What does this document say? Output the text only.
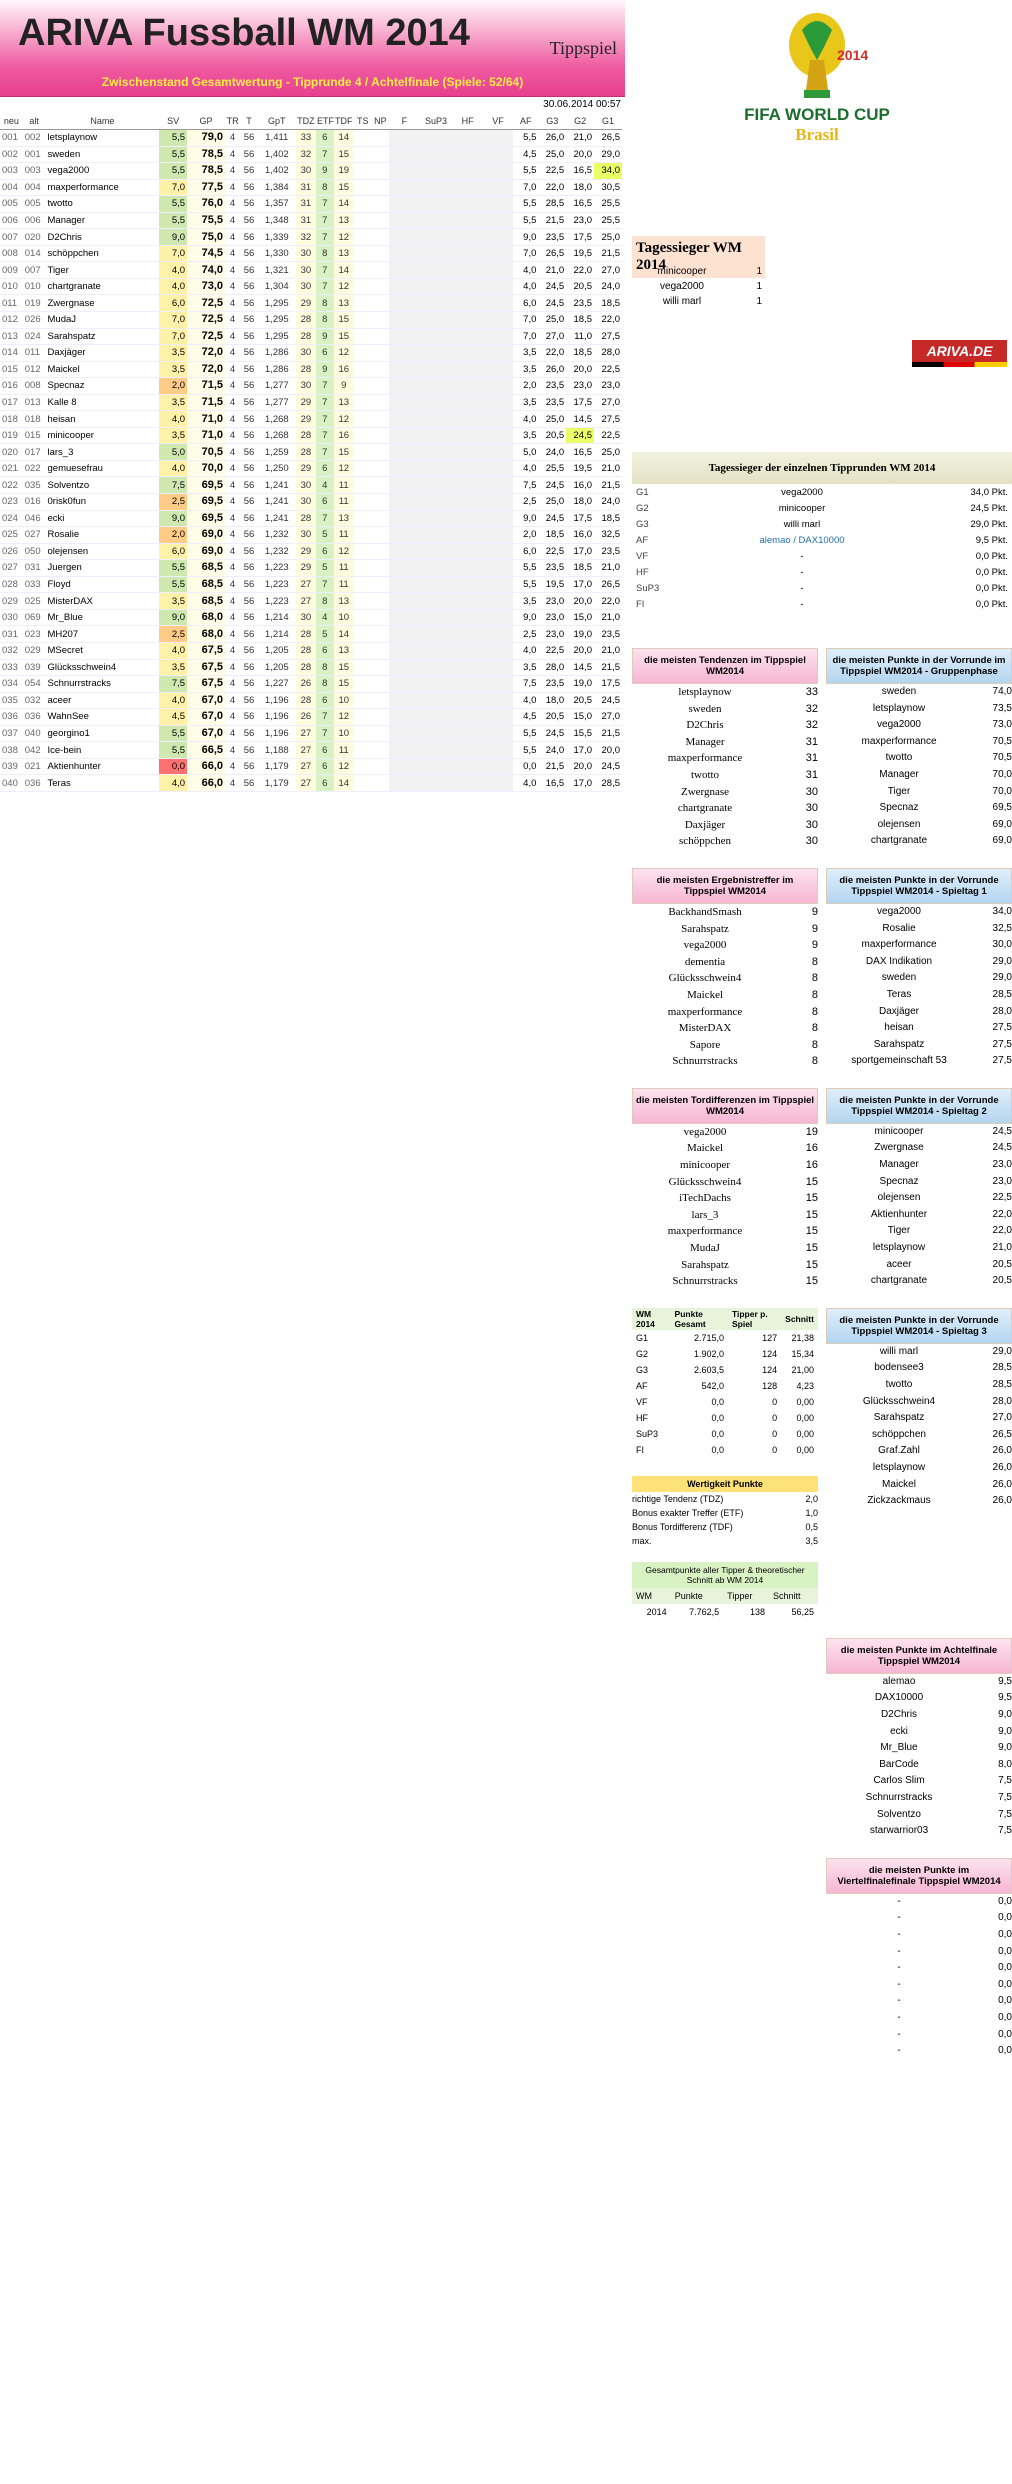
ARIVA Fussball WM 2014	Tippspiel
Zwischenstand Gesamtwertung - Tipprunde 4 / Achtelfinale (Spiele: 52/64)
30.06.2014 00:57
neu	alt	Name	SV	GP	TR	T	GpT	TDZ	ETF	TDF	TS	NP	F	SuP3	HF	VF	AF	G3	G2	G1
001	002	letsplaynow	5,5	79,0	4	56	1,411	33	6	14							5,5	26,0	21,0	26,5
002	001	sweden	5,5	78,5	4	56	1,402	32	7	15							4,5	25,0	20,0	29,0
003	003	vega2000	5,5	78,5	4	56	1,402	30	9	19							5,5	22,5	16,5	34,0
004	004	maxperformance	7,0	77,5	4	56	1,384	31	8	15							7,0	22,0	18,0	30,5
005	005	twotto	5,5	76,0	4	56	1,357	31	7	14							5,5	28,5	16,5	25,5
006	006	Manager	5,5	75,5	4	56	1,348	31	7	13							5,5	21,5	23,0	25,5
007	020	D2Chris	9,0	75,0	4	56	1,339	32	7	12							9,0	23,5	17,5	25,0
008	014	schöppchen	7,0	74,5	4	56	1,330	30	8	13							7,0	26,5	19,5	21,5
009	007	Tiger	4,0	74,0	4	56	1,321	30	7	14							4,0	21,0	22,0	27,0
010	010	chartgranate	4,0	73,0	4	56	1,304	30	7	12							4,0	24,5	20,5	24,0
011	019	Zwergnase	6,0	72,5	4	56	1,295	29	8	13							6,0	24,5	23,5	18,5
012	026	MudaJ	7,0	72,5	4	56	1,295	28	8	15							7,0	25,0	18,5	22,0
013	024	Sarahspatz	7,0	72,5	4	56	1,295	28	9	15							7,0	27,0	11,0	27,5
014	011	Daxjäger	3,5	72,0	4	56	1,286	30	6	12							3,5	22,0	18,5	28,0
015	012	Maickel	3,5	72,0	4	56	1,286	28	9	16							3,5	26,0	20,0	22,5
016	008	Specnaz	2,0	71,5	4	56	1,277	30	7	9							2,0	23,5	23,0	23,0
017	013	Kalle 8	3,5	71,5	4	56	1,277	29	7	13							3,5	23,5	17,5	27,0
018	018	heisan	4,0	71,0	4	56	1,268	29	7	12							4,0	25,0	14,5	27,5
019	015	minicooper	3,5	71,0	4	56	1,268	28	7	16							3,5	20,5	24,5	22,5
020	017	lars_3	5,0	70,5	4	56	1,259	28	7	15							5,0	24,0	16,5	25,0
021	022	gemuesefrau	4,0	70,0	4	56	1,250	29	6	12							4,0	25,5	19,5	21,0
022	035	Solventzo	7,5	69,5	4	56	1,241	30	4	11							7,5	24,5	16,0	21,5
023	016	0risk0fun	2,5	69,5	4	56	1,241	30	6	11							2,5	25,0	18,0	24,0
024	046	ecki	9,0	69,5	4	56	1,241	28	7	13							9,0	24,5	17,5	18,5
025	027	Rosalie	2,0	69,0	4	56	1,232	30	5	11							2,0	18,5	16,0	32,5
026	050	olejensen	6,0	69,0	4	56	1,232	29	6	12							6,0	22,5	17,0	23,5
027	031	Juergen	5,5	68,5	4	56	1,223	29	5	11							5,5	23,5	18,5	21,0
028	033	Floyd	5,5	68,5	4	56	1,223	27	7	11							5,5	19,5	17,0	26,5
029	025	MisterDAX	3,5	68,5	4	56	1,223	27	8	13							3,5	23,0	20,0	22,0
030	069	Mr_Blue	9,0	68,0	4	56	1,214	30	4	10							9,0	23,0	15,0	21,0
031	023	MH207	2,5	68,0	4	56	1,214	28	5	14							2,5	23,0	19,0	23,5
032	029	MSecret	4,0	67,5	4	56	1,205	28	6	13							4,0	22,5	20,0	21,0
033	039	Glücksschwein4	3,5	67,5	4	56	1,205	28	8	15							3,5	28,0	14,5	21,5
034	054	Schnurrstracks	7,5	67,5	4	56	1,227	26	8	15							7,5	23,5	19,0	17,5
035	032	aceer	4,0	67,0	4	56	1,196	28	6	10							4,0	18,0	20,5	24,5
036	036	WahnSee	4,5	67,0	4	56	1,196	26	7	12							4,5	20,5	15,0	27,0
037	040	georgino1	5,5	67,0	4	56	1,196	27	7	10							5,5	24,5	15,5	21,5
038	042	Ice-bein	5,5	66,5	4	56	1,188	27	6	11							5,5	24,0	17,0	20,0
039	021	Aktienhunter	0,0	66,0	4	56	1,179	27	6	12							0,0	21,5	20,0	24,5
040	036	Teras	4,0	66,0	4	56	1,179	27	6	14							4,0	16,5	17,0	28,5
2014
FIFA WORLD CUP
Brasil
Tagessieger WM 2014
minicooper	1
vega2000	1
willi marl	1
ARIVA.DE
Tagessieger der einzelnen Tipprunden WM 2014
G1	vega2000	34,0 Pkt.
G2	minicooper	24,5 Pkt.
G3	willi marl	29,0 Pkt.
AF	alemao / DAX10000	9,5 Pkt.
VF	-	0,0 Pkt.
HF	-	0,0 Pkt.
SuP3	-	0,0 Pkt.
FI	-	0,0 Pkt.
die meisten Tendenzen im Tippspiel WM2014
letsplaynow	33
sweden	32
D2Chris	32
Manager	31
maxperformance	31
twotto	31
Zwergnase	30
chartgranate	30
Daxjäger	30
schöppchen	30
die meisten Punkte in der Vorrunde im Tippspiel WM2014 - Gruppenphase
sweden	74,0
letsplaynow	73,5
vega2000	73,0
maxperformance	70,5
twotto	70,5
Manager	70,0
Tiger	70,0
Specnaz	69,5
olejensen	69,0
chartgranate	69,0
die meisten Ergebnistreffer im Tippspiel WM2014
BackhandSmash	9
Sarahspatz	9
vega2000	9
dementia	8
Glücksschwein4	8
Maickel	8
maxperformance	8
MisterDAX	8
Sapore	8
Schnurrstracks	8
die meisten Punkte in der Vorrunde Tippspiel WM2014 - Spieltag 1
vega2000	34,0
Rosalie	32,5
maxperformance	30,0
DAX Indikation	29,0
sweden	29,0
Teras	28,5
Daxjäger	28,0
heisan	27,5
Sarahspatz	27,5
sportgemeinschaft 53	27,5
die meisten Tordifferenzen im Tippspiel WM2014
vega2000	19
Maickel	16
minicooper	16
Glücksschwein4	15
iTechDachs	15
lars_3	15
maxperformance	15
MudaJ	15
Sarahspatz	15
Schnurrstracks	15
die meisten Punkte in der Vorrunde Tippspiel WM2014 - Spieltag 2
minicooper	24,5
Zwergnase	24,5
Manager	23,0
Specnaz	23,0
olejensen	22,5
Aktienhunter	22,0
Tiger	22,0
letsplaynow	21,0
aceer	20,5
chartgranate	20,5
WM 2014	Punkte Gesamt	Tipper p. Spiel	Schnitt
G1	2.715,0	127	21,38
G2	1.902,0	124	15,34
G3	2.603,5	124	21,00
AF	542,0	128	4,23
VF	0,0	0	0,00
HF	0,0	0	0,00
SuP3	0,0	0	0,00
FI	0,0	0	0,00
Wertigkeit Punkte
richtige Tendenz (TDZ)	2,0
Bonus exakter Treffer (ETF)	1,0
Bonus Tordifferenz (TDF)	0,5
max.	3,5
Gesamtpunkte aller Tipper & theoretischer Schnitt ab WM 2014
WM	Punkte	Tipper	Schnitt
2014	7.762,5	138	56,25
die meisten Punkte in der Vorrunde Tippspiel WM2014 - Spieltag 3
willi marl	29,0
bodensee3	28,5
twotto	28,5
Glücksschwein4	28,0
Sarahspatz	27,0
schöppchen	26,5
Graf.Zahl	26,0
letsplaynow	26,0
Maickel	26,0
Zickzackmaus	26,0
die meisten Punkte im Achtelfinale Tippspiel WM2014
alemao	9,5
DAX10000	9,5
D2Chris	9,0
ecki	9,0
Mr_Blue	9,0
BarCode	8,0
Carlos Slim	7,5
Schnurrstracks	7,5
Solventzo	7,5
starwarrior03	7,5
die meisten Punkte im Viertelfinalefinale Tippspiel WM2014
-	0,0
-	0,0
-	0,0
-	0,0
-	0,0
-	0,0
-	0,0
-	0,0
-	0,0
-	0,0
